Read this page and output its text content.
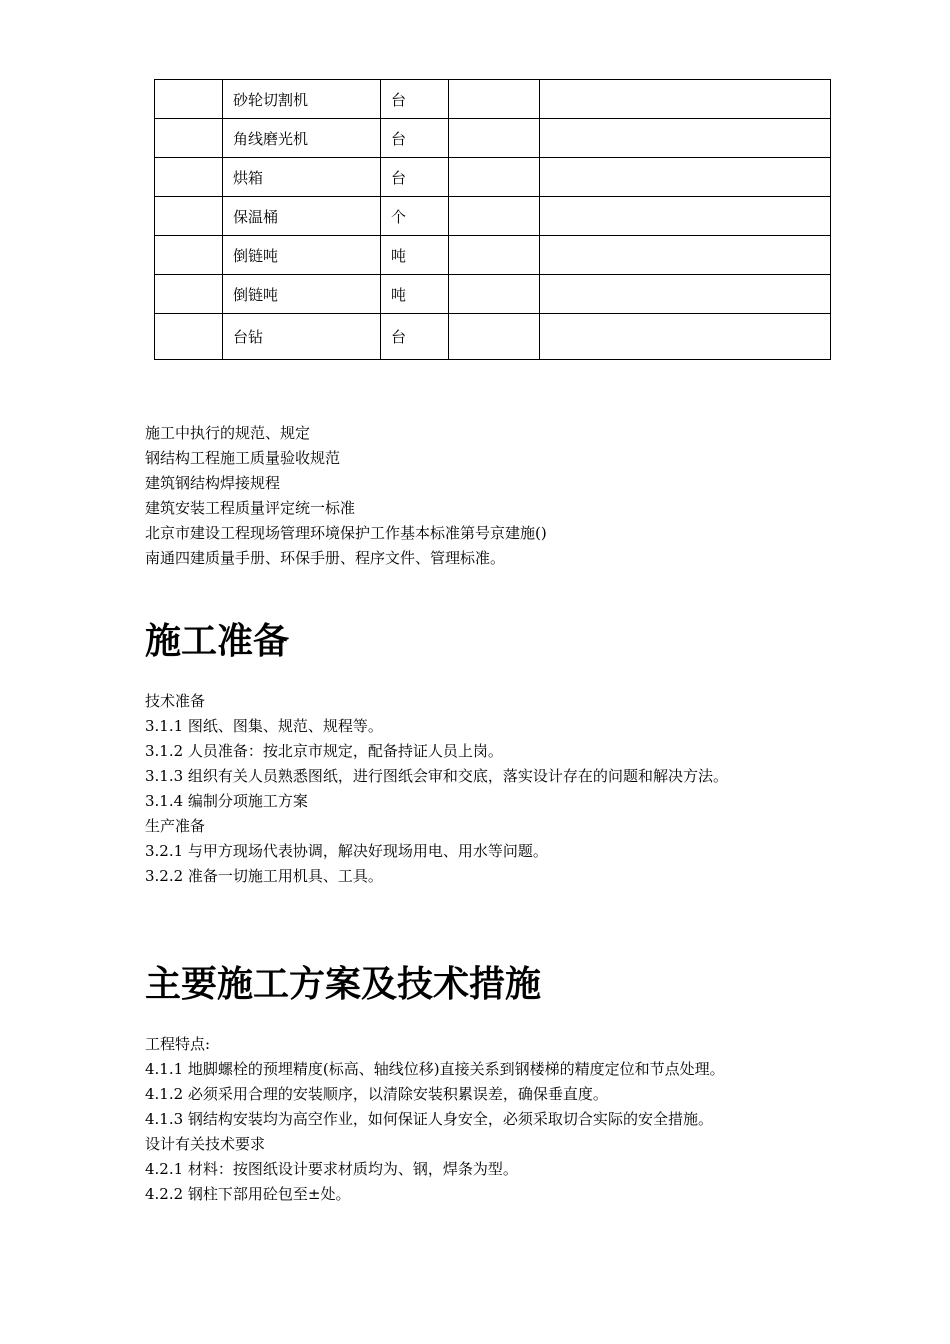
	砂轮切割机	台		
	角线磨光机	台		
	烘箱	台		
	保温桶	个		
	倒链吨	吨		
	倒链吨	吨		
	台钻	台		
施工中执行的规范、规定
钢结构工程施工质量验收规范
建筑钢结构焊接规程
建筑安装工程质量评定统一标准
北京市建设工程现场管理环境保护工作基本标准第号京建施()
南通四建质量手册、环保手册、程序文件、管理标准。
施工准备
技术准备
3.1.1 图纸、图集、规范、规程等。
3.1.2 人员准备：按北京市规定，配备持证人员上岗。
3.1.3 组织有关人员熟悉图纸，进行图纸会审和交底，落实设计存在的问题和解决方法。
3.1.4 编制分项施工方案
生产准备
3.2.1 与甲方现场代表协调，解决好现场用电、用水等问题。
3.2.2 准备一切施工用机具、工具。
主要施工方案及技术措施
工程特点:
4.1.1 地脚螺栓的预埋精度(标高、轴线位移)直接关系到钢楼梯的精度定位和节点处理。
4.1.2 必须采用合理的安装顺序，以清除安装积累误差，确保垂直度。
4.1.3 钢结构安装均为高空作业，如何保证人身安全，必须采取切合实际的安全措施。
设计有关技术要求
4.2.1 材料：按图纸设计要求材质均为、钢，焊条为型。
4.2.2 钢柱下部用砼包至±处。
